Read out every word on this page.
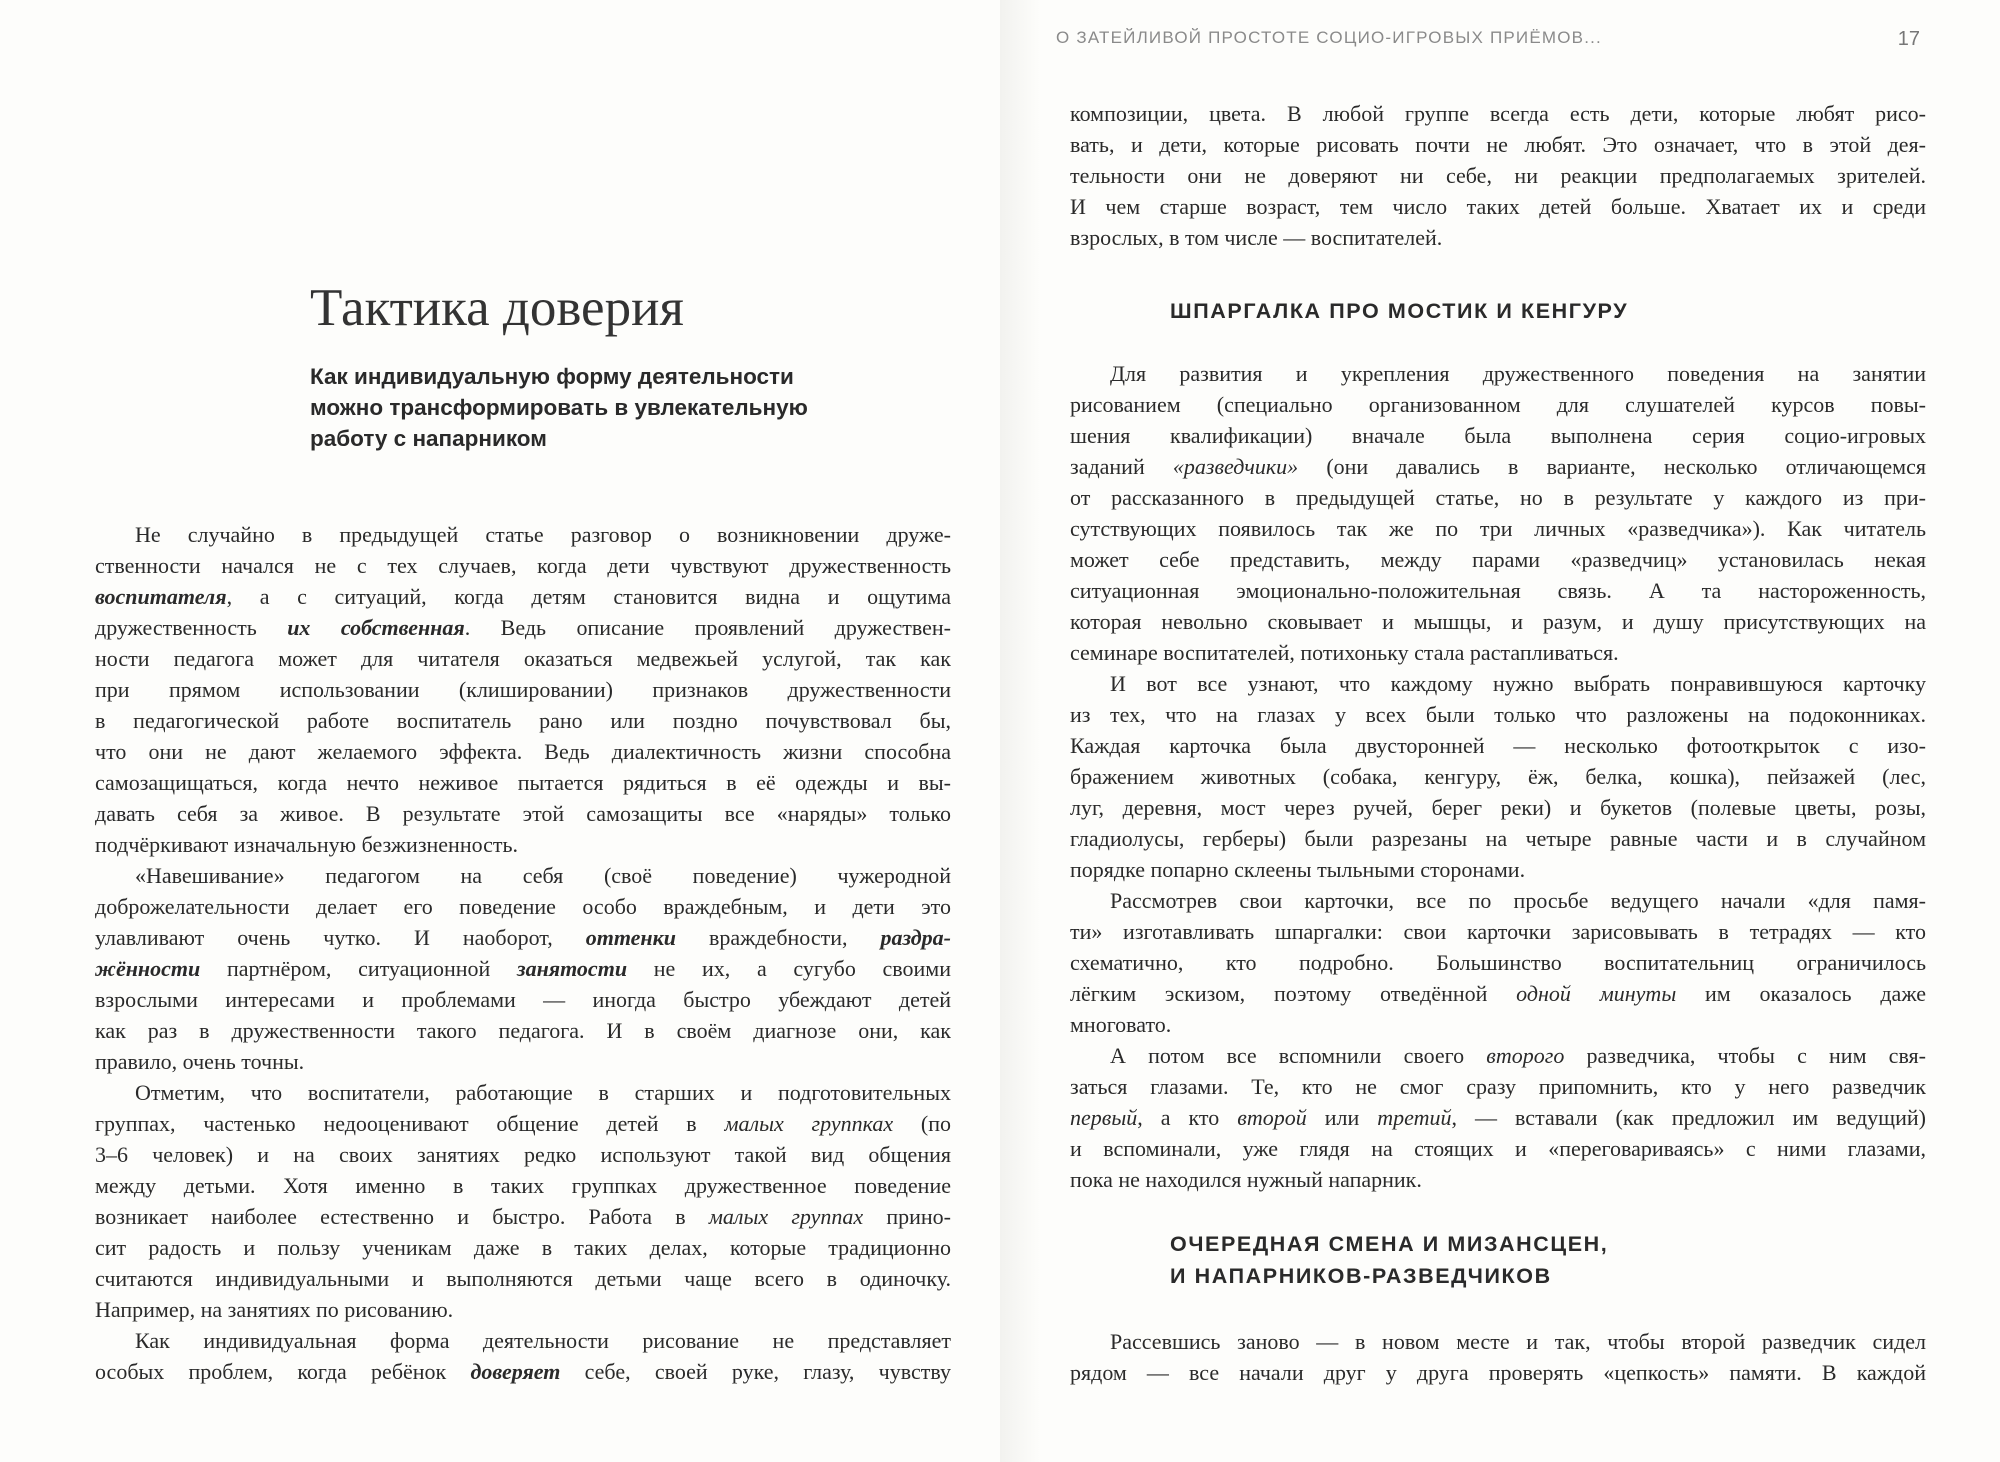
Тактика доверия
Как индивидуальную форму деятельности можно трансформировать в увлекательную работу с напарником
Не случайно в предыдущей статье разговор о возникновении друже-
ственности начался не с тех случаев, когда дети чувствуют дружественность
воспитателя, а с ситуаций, когда детям становится видна и ощутима
дружественность их собственная. Ведь описание проявлений дружествен-
ности педагога может для читателя оказаться медвежьей услугой, так как
при прямом использовании (клишировании) признаков дружественности
в педагогической работе воспитатель рано или поздно почувствовал бы,
что они не дают желаемого эффекта. Ведь диалектичность жизни способна
самозащищаться, когда нечто неживое пытается рядиться в её одежды и вы-
давать себя за живое. В результате этой самозащиты все «наряды» только
подчёркивают изначальную безжизненность.
«Навешивание» педагогом на себя (своё поведение) чужеродной
доброжелательности делает его поведение особо враждебным, и дети это
улавливают очень чутко. И наоборот, оттенки враждебности, раздра-
жённости партнёром, ситуационной занятости не их, а сугубо своими
взрослыми интересами и проблемами — иногда быстро убеждают детей
как раз в дружественности такого педагога. И в своём диагнозе они, как
правило, очень точны.
Отметим, что воспитатели, работающие в старших и подготовительных
группах, частенько недооценивают общение детей в малых группках (по
3–6 человек) и на своих занятиях редко используют такой вид общения
между детьми. Хотя именно в таких группках дружественное поведение
возникает наиболее естественно и быстро. Работа в малых группах прино-
сит радость и пользу ученикам даже в таких делах, которые традиционно
считаются индивидуальными и выполняются детьми чаще всего в одиночку.
Например, на занятиях по рисованию.
Как индивидуальная форма деятельности рисование не представляет
особых проблем, когда ребёнок доверяет себе, своей руке, глазу, чувству
О ЗАТЕЙЛИВОЙ ПРОСТОТЕ СОЦИО-ИГРОВЫХ ПРИЁМОВ...	17
композиции, цвета. В любой группе всегда есть дети, которые любят рисо-
вать, и дети, которые рисовать почти не любят. Это означает, что в этой дея-
тельности они не доверяют ни себе, ни реакции предполагаемых зрителей.
И чем старше возраст, тем число таких детей больше. Хватает их и среди
взрослых, в том числе — воспитателей.
ШПАРГАЛКА ПРО МОСТИК И КЕНГУРУ
Для развития и укрепления дружественного поведения на занятии
рисованием (специально организованном для слушателей курсов повы-
шения квалификации) вначале была выполнена серия социо-игровых
заданий «разведчики» (они давались в варианте, несколько отличающемся
от рассказанного в предыдущей статье, но в результате у каждого из при-
сутствующих появилось так же по три личных «разведчика»). Как читатель
может себе представить, между парами «разведчиц» установилась некая
ситуационная эмоционально-положительная связь. А та настороженность,
которая невольно сковывает и мышцы, и разум, и душу присутствующих на
семинаре воспитателей, потихоньку стала растапливаться.
И вот все узнают, что каждому нужно выбрать понравившуюся карточку
из тех, что на глазах у всех были только что разложены на подоконниках.
Каждая карточка была двусторонней — несколько фотооткрыток с изо-
бражением животных (собака, кенгуру, ёж, белка, кошка), пейзажей (лес,
луг, деревня, мост через ручей, берег реки) и букетов (полевые цветы, розы,
гладиолусы, герберы) были разрезаны на четыре равные части и в случайном
порядке попарно склеены тыльными сторонами.
Рассмотрев свои карточки, все по просьбе ведущего начали «для памя-
ти» изготавливать шпаргалки: свои карточки зарисовывать в тетрадях — кто
схематично, кто подробно. Большинство воспитательниц ограничилось
лёгким эскизом, поэтому отведённой одной минуты им оказалось даже
многовато.
А потом все вспомнили своего второго разведчика, чтобы с ним свя-
заться глазами. Те, кто не смог сразу припомнить, кто у него разведчик
первый, а кто второй или третий, — вставали (как предложил им ведущий)
и вспоминали, уже глядя на стоящих и «переговариваясь» с ними глазами,
пока не находился нужный напарник.
ОЧЕРЕДНАЯ СМЕНА И МИЗАНСЦЕН,
И НАПАРНИКОВ-РАЗВЕДЧИКОВ
Рассевшись заново — в новом месте и так, чтобы второй разведчик сидел
рядом — все начали друг у друга проверять «цепкость» памяти. В каждой
